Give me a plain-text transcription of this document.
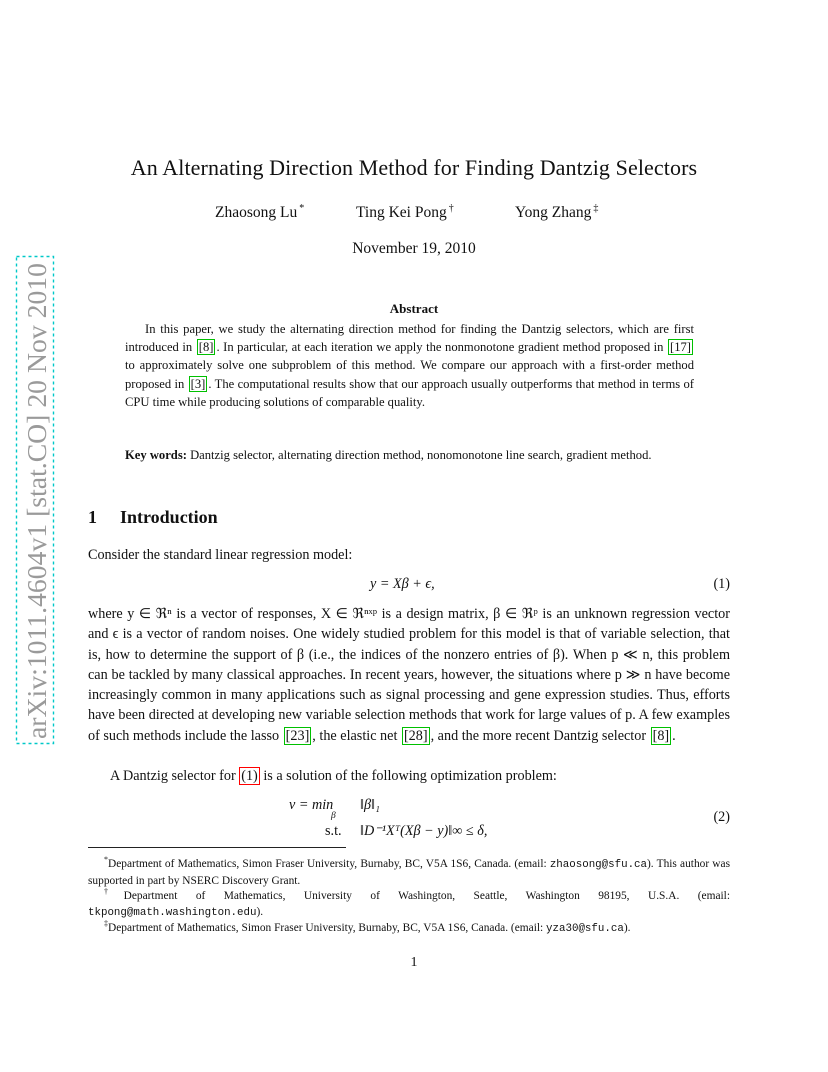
arXiv:1011.4604v1 [stat.CO] 20 Nov 2010
An Alternating Direction Method for Finding Dantzig Selectors
Zhaosong Lu *	Ting Kei Pong †	Yong Zhang ‡
November 19, 2010
Abstract

In this paper, we study the alternating direction method for finding the Dantzig selectors, which are first introduced in [8] . In particular, at each iteration we apply the nonmonotone gradient method proposed in [17] to approximately solve one subproblem of this method. We compare our approach with a first-order method proposed in [3] . The computational results show that our approach usually outperforms that method in terms of CPU time while producing solutions of comparable quality.

Key words: Dantzig selector, alternating direction method, nonomonotone line search, gradient method.

1 Introduction

Consider the standard linear regression model:

y = Xβ + ϵ,	(1)

where y ∈ ℜⁿ is a vector of responses, X ∈ ℜⁿˣᵖ is a design matrix, β ∈ ℜᵖ is an unknown regression vector and ϵ is a vector of random noises. One widely studied problem for this model is that of variable selection, that is, how to determine the support of β (i.e., the indices of the nonzero entries of β). When p ≪ n, this problem can be tackled by many classical approaches. In recent years, however, the situations where p ≫ n have become increasingly common in many applications such as signal processing and gene expression studies. Thus, efforts have been directed at developing new variable selection methods that work for large values of p. A few examples of such methods include the lasso [23] , the elastic net [28] , and the more recent Dantzig selector [8] .

A Dantzig selector for (1) is a solution of the following optimization problem:

v = min
β
‖β‖₁
s.t. ‖D⁻¹Xᵀ(Xβ − y)‖∞ ≤ δ,
(2)

*Department of Mathematics, Simon Fraser University, Burnaby, BC, V5A 1S6, Canada. (email: zhaosong@sfu.ca). This author was supported in part by NSERC Discovery Grant.

†Department of Mathematics, University of Washington, Seattle, Washington 98195, U.S.A. (email: tkpong@math.washington.edu).

‡Department of Mathematics, Simon Fraser University, Burnaby, BC, V5A 1S6, Canada. (email: yza30@sfu.ca).

1
